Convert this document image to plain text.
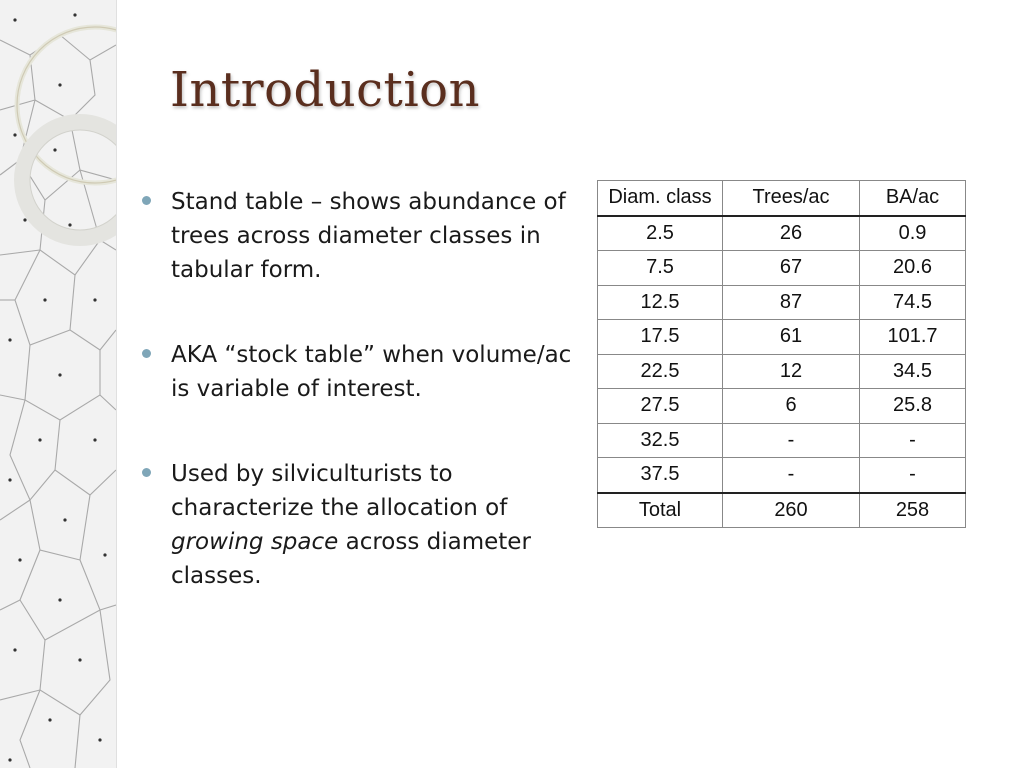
Introduction
Stand table – shows abundance of trees across diameter classes in tabular form.
AKA “stock table” when volume/ac is variable of interest.
Used by silviculturists to characterize the allocation of growing space across diameter classes.
Diam. class	Trees/ac	BA/ac
2.5	26	0.9
7.5	67	20.6
12.5	87	74.5
17.5	61	101.7
22.5	12	34.5
27.5	6	25.8
32.5	-	-
37.5	-	-
Total	260	258
